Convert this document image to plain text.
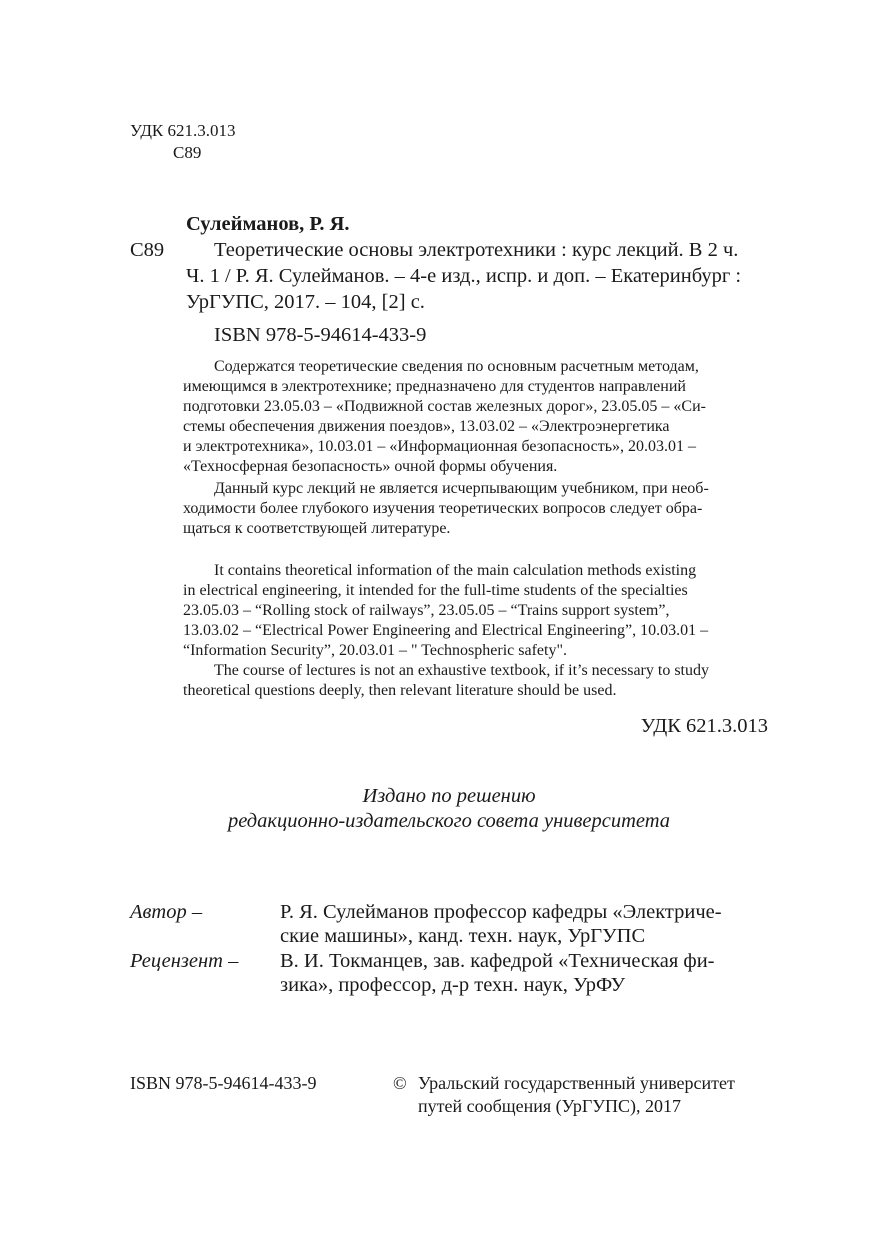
УДК 621.3.013
С89
Сулейманов, Р. Я.
С89 Теоретические основы электротехники : курс лекций. В 2 ч.
Ч. 1 / Р. Я. Сулейманов. – 4-е изд., испр. и доп. – Екатеринбург :
УрГУПС, 2017. – 104, [2] с.
ISBN 978-5-94614-433-9
Содержатся теоретические сведения по основным расчетным методам,
имеющимся в электротехнике; предназначено для студентов направлений
подготовки 23.05.03 – «Подвижной состав железных дорог», 23.05.05 – «Си-
стемы обеспечения движения поездов», 13.03.02 – «Электроэнергетика
и электротехника», 10.03.01 – «Информационная безопасность», 20.03.01 –
«Техносферная безопасность» очной формы обучения.
Данный курс лекций не является исчерпывающим учебником, при необ-
ходимости более глубокого изучения теоретических вопросов следует обра-
щаться к соответствующей литературе.
It contains theoretical information of the main calculation methods existing
in electrical engineering, it intended for the full-time students of the specialties
23.05.03 – “Rolling stock of railways”, 23.05.05 – “Trains support system”,
13.03.02 – “Electrical Power Engineering and Electrical Engineering”, 10.03.01 –
“Information Security”, 20.03.01 – " Technospheric safety".
The course of lectures is not an exhaustive textbook, if it’s necessary to study
theoretical questions deeply, then relevant literature should be used.
УДК 621.3.013
Издано по решению
редакционно-издательского совета университета
Автор –	Р. Я. Сулейманов профессор кафедры «Электриче-
ские машины», канд. техн. наук, УрГУПС
Рецензент – В. И. Токманцев, зав. кафедрой «Техническая фи-
зика», профессор, д-р техн. наук, УрФУ
ISBN 978-5-94614-433-9	© Уральский государственный университет
путей сообщения (УрГУПС), 2017
